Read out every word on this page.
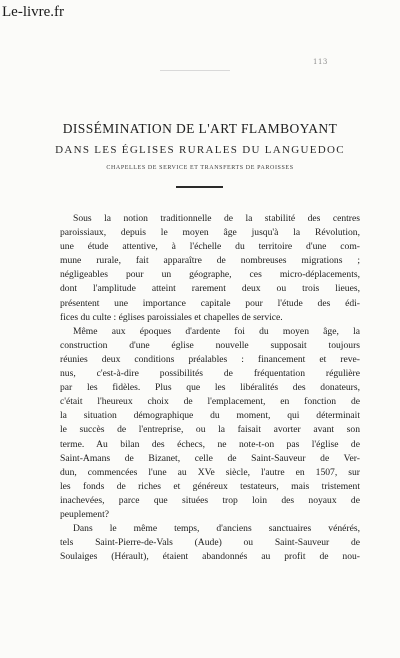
Le-livre.fr
113
DISSÉMINATION DE L'ART FLAMBOYANT
DANS LES ÉGLISES RURALES DU LANGUEDOC
CHAPELLES DE SERVICE ET TRANSFERTS DE PAROISSES
Sous la notion traditionnelle de la stabilité des centres
paroissiaux, depuis le moyen âge jusqu'à la Révolution,
une étude attentive, à l'échelle du territoire d'une com-
mune rurale, fait apparaître de nombreuses migrations ;
négligeables pour un géographe, ces micro-déplacements,
dont l'amplitude atteint rarement deux ou trois lieues,
présentent une importance capitale pour l'étude des édi-
fices du culte : églises paroissiales et chapelles de service.
Même aux époques d'ardente foi du moyen âge, la
construction d'une église nouvelle supposait toujours
réunies deux conditions préalables : financement et reve-
nus, c'est-à-dire possibilités de fréquentation régulière
par les fidèles. Plus que les libéralités des donateurs,
c'était l'heureux choix de l'emplacement, en fonction de
la situation démographique du moment, qui déterminait
le succès de l'entreprise, ou la faisait avorter avant son
terme. Au bilan des échecs, ne note-t-on pas l'église de
Saint-Amans de Bizanet, celle de Saint-Sauveur de Ver-
dun, commencées l'une au XVe siècle, l'autre en 1507, sur
les fonds de riches et généreux testateurs, mais tristement
inachevées, parce que situées trop loin des noyaux de
peuplement?
Dans le même temps, d'anciens sanctuaires vénérés,
tels Saint-Pierre-de-Vals (Aude) ou Saint-Sauveur de
Soulaiges (Hérault), étaient abandonnés au profit de nou-
